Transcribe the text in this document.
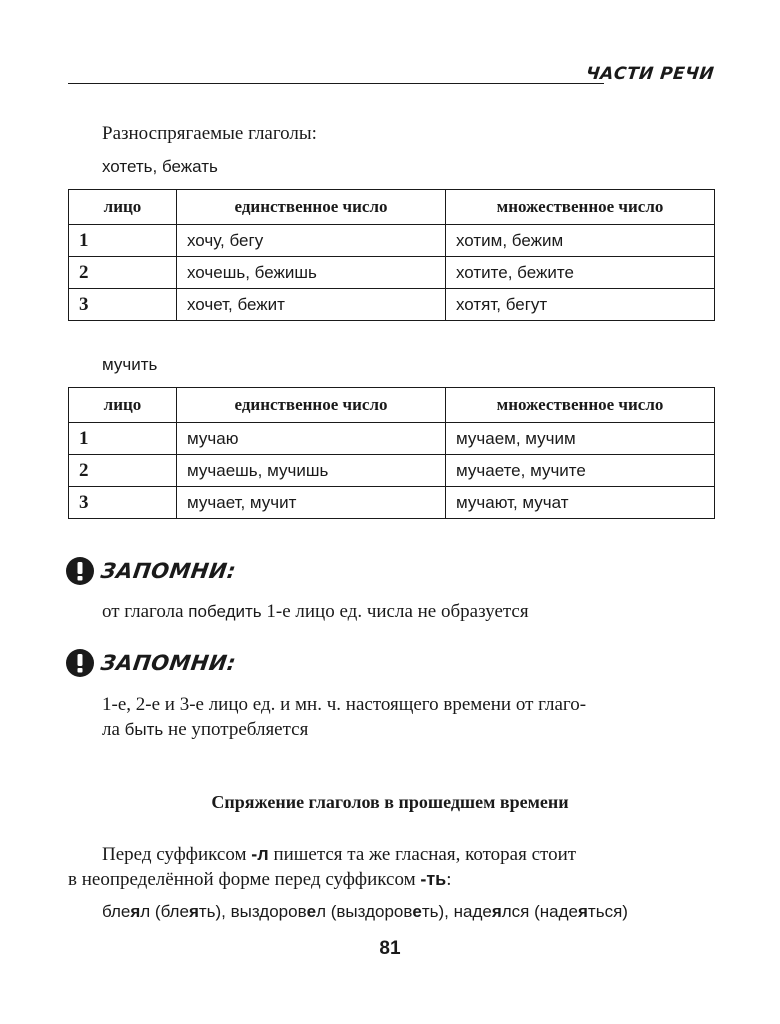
ЧАСТИ РЕЧИ
Разноспрягаемые глаголы:
хотеть, бежать
лицо	единственное число	множественное число
1	хочу, бегу	хотим, бежим
2	хочешь, бежишь	хотите, бежите
3	хочет, бежит	хотят, бегут
мучить
лицо	единственное число	множественное число
1	мучаю	мучаем, мучим
2	мучаешь, мучишь	мучаете, мучите
3	мучает, мучит	мучают, мучат
ЗАПОМНИ:
от глагола победить 1-е лицо ед. числа не образуется
ЗАПОМНИ:
1-е, 2-е и 3-е лицо ед. и мн. ч. настоящего времени от глаго-
ла быть не употребляется
Спряжение глаголов в прошедшем времени
Перед суффиксом -л пишется та же гласная, которая стоит
в неопределённой форме перед суффиксом -ть:
блеял (блеять), выздоровел (выздороветь), надеялся (надеяться)
81
